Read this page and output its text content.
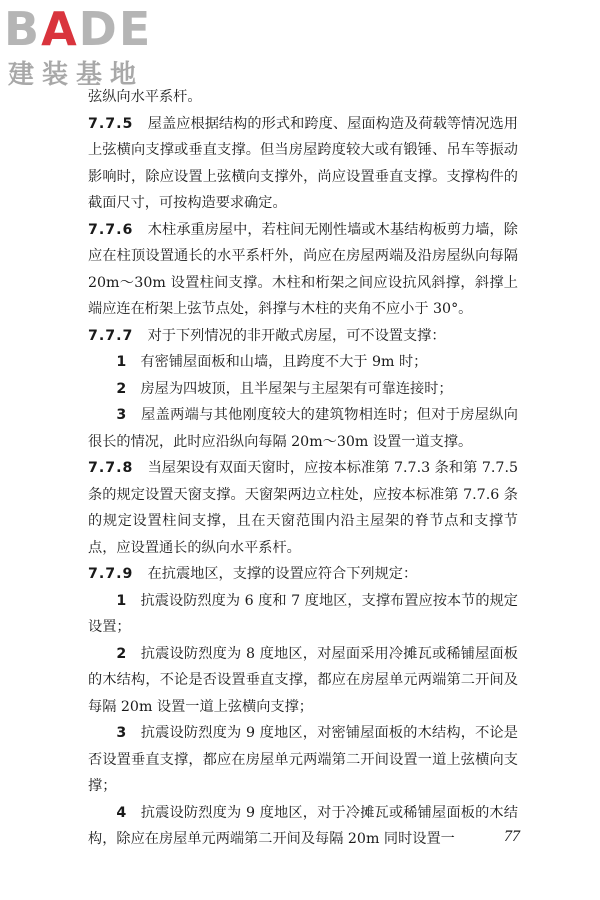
BADE
建装基地
弦纵向水平系杆。
7.7.5　 屋盖应根据结构的形式和跨度、屋面构造及荷载等情况选用上弦横向支撑或垂直支撑。但当房屋跨度较大或有锻锤、吊车等振动影响时，除应设置上弦横向支撑外，尚应设置垂直支撑。支撑构件的截面尺寸，可按构造要求确定。
7.7.6　 木柱承重房屋中，若柱间无刚性墙或木基结构板剪力墙，除应在柱顶设置通长的水平系杆外，尚应在房屋两端及沿房屋纵向每隔 20m～30m 设置柱间支撑。木柱和桁架之间应设抗风斜撑，斜撑上端应连在桁架上弦节点处，斜撑与木柱的夹角不应小于 30°。
7.7.7　 对于下列情况的非开敞式房屋，可不设置支撑：
1　 有密铺屋面板和山墙，且跨度不大于 9m 时；
2　 房屋为四坡顶，且半屋架与主屋架有可靠连接时；
3　 屋盖两端与其他刚度较大的建筑物相连时；但对于房屋纵向很长的情况，此时应沿纵向每隔 20m～30m 设置一道支撑。
7.7.8　 当屋架设有双面天窗时，应按本标准第 7.7.3 条和第 7.7.5 条的规定设置天窗支撑。天窗架两边立柱处，应按本标准第 7.7.6 条的规定设置柱间支撑，且在天窗范围内沿主屋架的脊节点和支撑节点，应设置通长的纵向水平系杆。
7.7.9　 在抗震地区，支撑的设置应符合下列规定：
1　 抗震设防烈度为 6 度和 7 度地区，支撑布置应按本节的规定设置；
2　 抗震设防烈度为 8 度地区，对屋面采用冷摊瓦或稀铺屋面板的木结构，不论是否设置垂直支撑，都应在房屋单元两端第二开间及每隔 20m 设置一道上弦横向支撑；
3　 抗震设防烈度为 9 度地区，对密铺屋面板的木结构，不论是否设置垂直支撑，都应在房屋单元两端第二开间设置一道上弦横向支撑；
4　 抗震设防烈度为 9 度地区，对于冷摊瓦或稀铺屋面板的木结构，除应在房屋单元两端第二开间及每隔 20m 同时设置一	77
